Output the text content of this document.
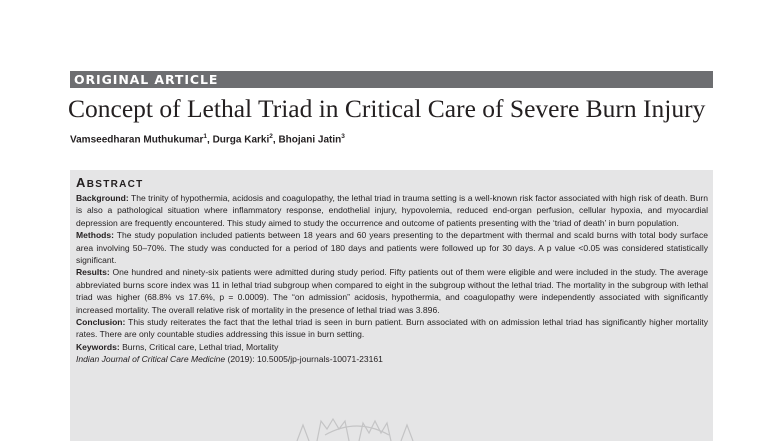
ORIGINAL ARTICLE
Concept of Lethal Triad in Critical Care of Severe Burn Injury
Vamseedharan Muthukumar$^1$, Durga Karki$^2$, Bhojani Jatin$^3$
ABSTRACT
Background: The trinity of hypothermia, acidosis and coagulopathy, the lethal triad in trauma setting is a well-known risk factor associated with high risk of death. Burn is also a pathological situation where inflammatory response, endothelial injury, hypovolemia, reduced end-organ perfusion, cellular hypoxia, and myocardial depression are frequently encountered. This study aimed to study the occurrence and outcome of patients presenting with the ‘triad of death’ in burn population.
Methods: The study population included patients between 18 years and 60 years presenting to the department with thermal and scald burns with total body surface area involving 50–70%. The study was conducted for a period of 180 days and patients were followed up for 30 days. A p value <0.05 was considered statistically significant.
Results: One hundred and ninety-six patients were admitted during study period. Fifty patients out of them were eligible and were included in the study. The average abbreviated burns score index was 11 in lethal triad subgroup when compared to eight in the subgroup without the lethal triad. The mortality in the subgroup with lethal triad was higher (68.8% vs 17.6%, p = 0.0009). The “on admission” acidosis, hypothermia, and coagulopathy were independently associated with significantly increased mortality. The overall relative risk of mortality in the presence of lethal triad was 3.896.
Conclusion: This study reiterates the fact that the lethal triad is seen in burn patient. Burn associated with on admission lethal triad has significantly higher mortality rates. There are only countable studies addressing this issue in burn setting.
Keywords: Burns, Critical care, Lethal triad, Mortality
Indian Journal of Critical Care Medicine (2019): 10.5005/jp-journals-10071-23161
